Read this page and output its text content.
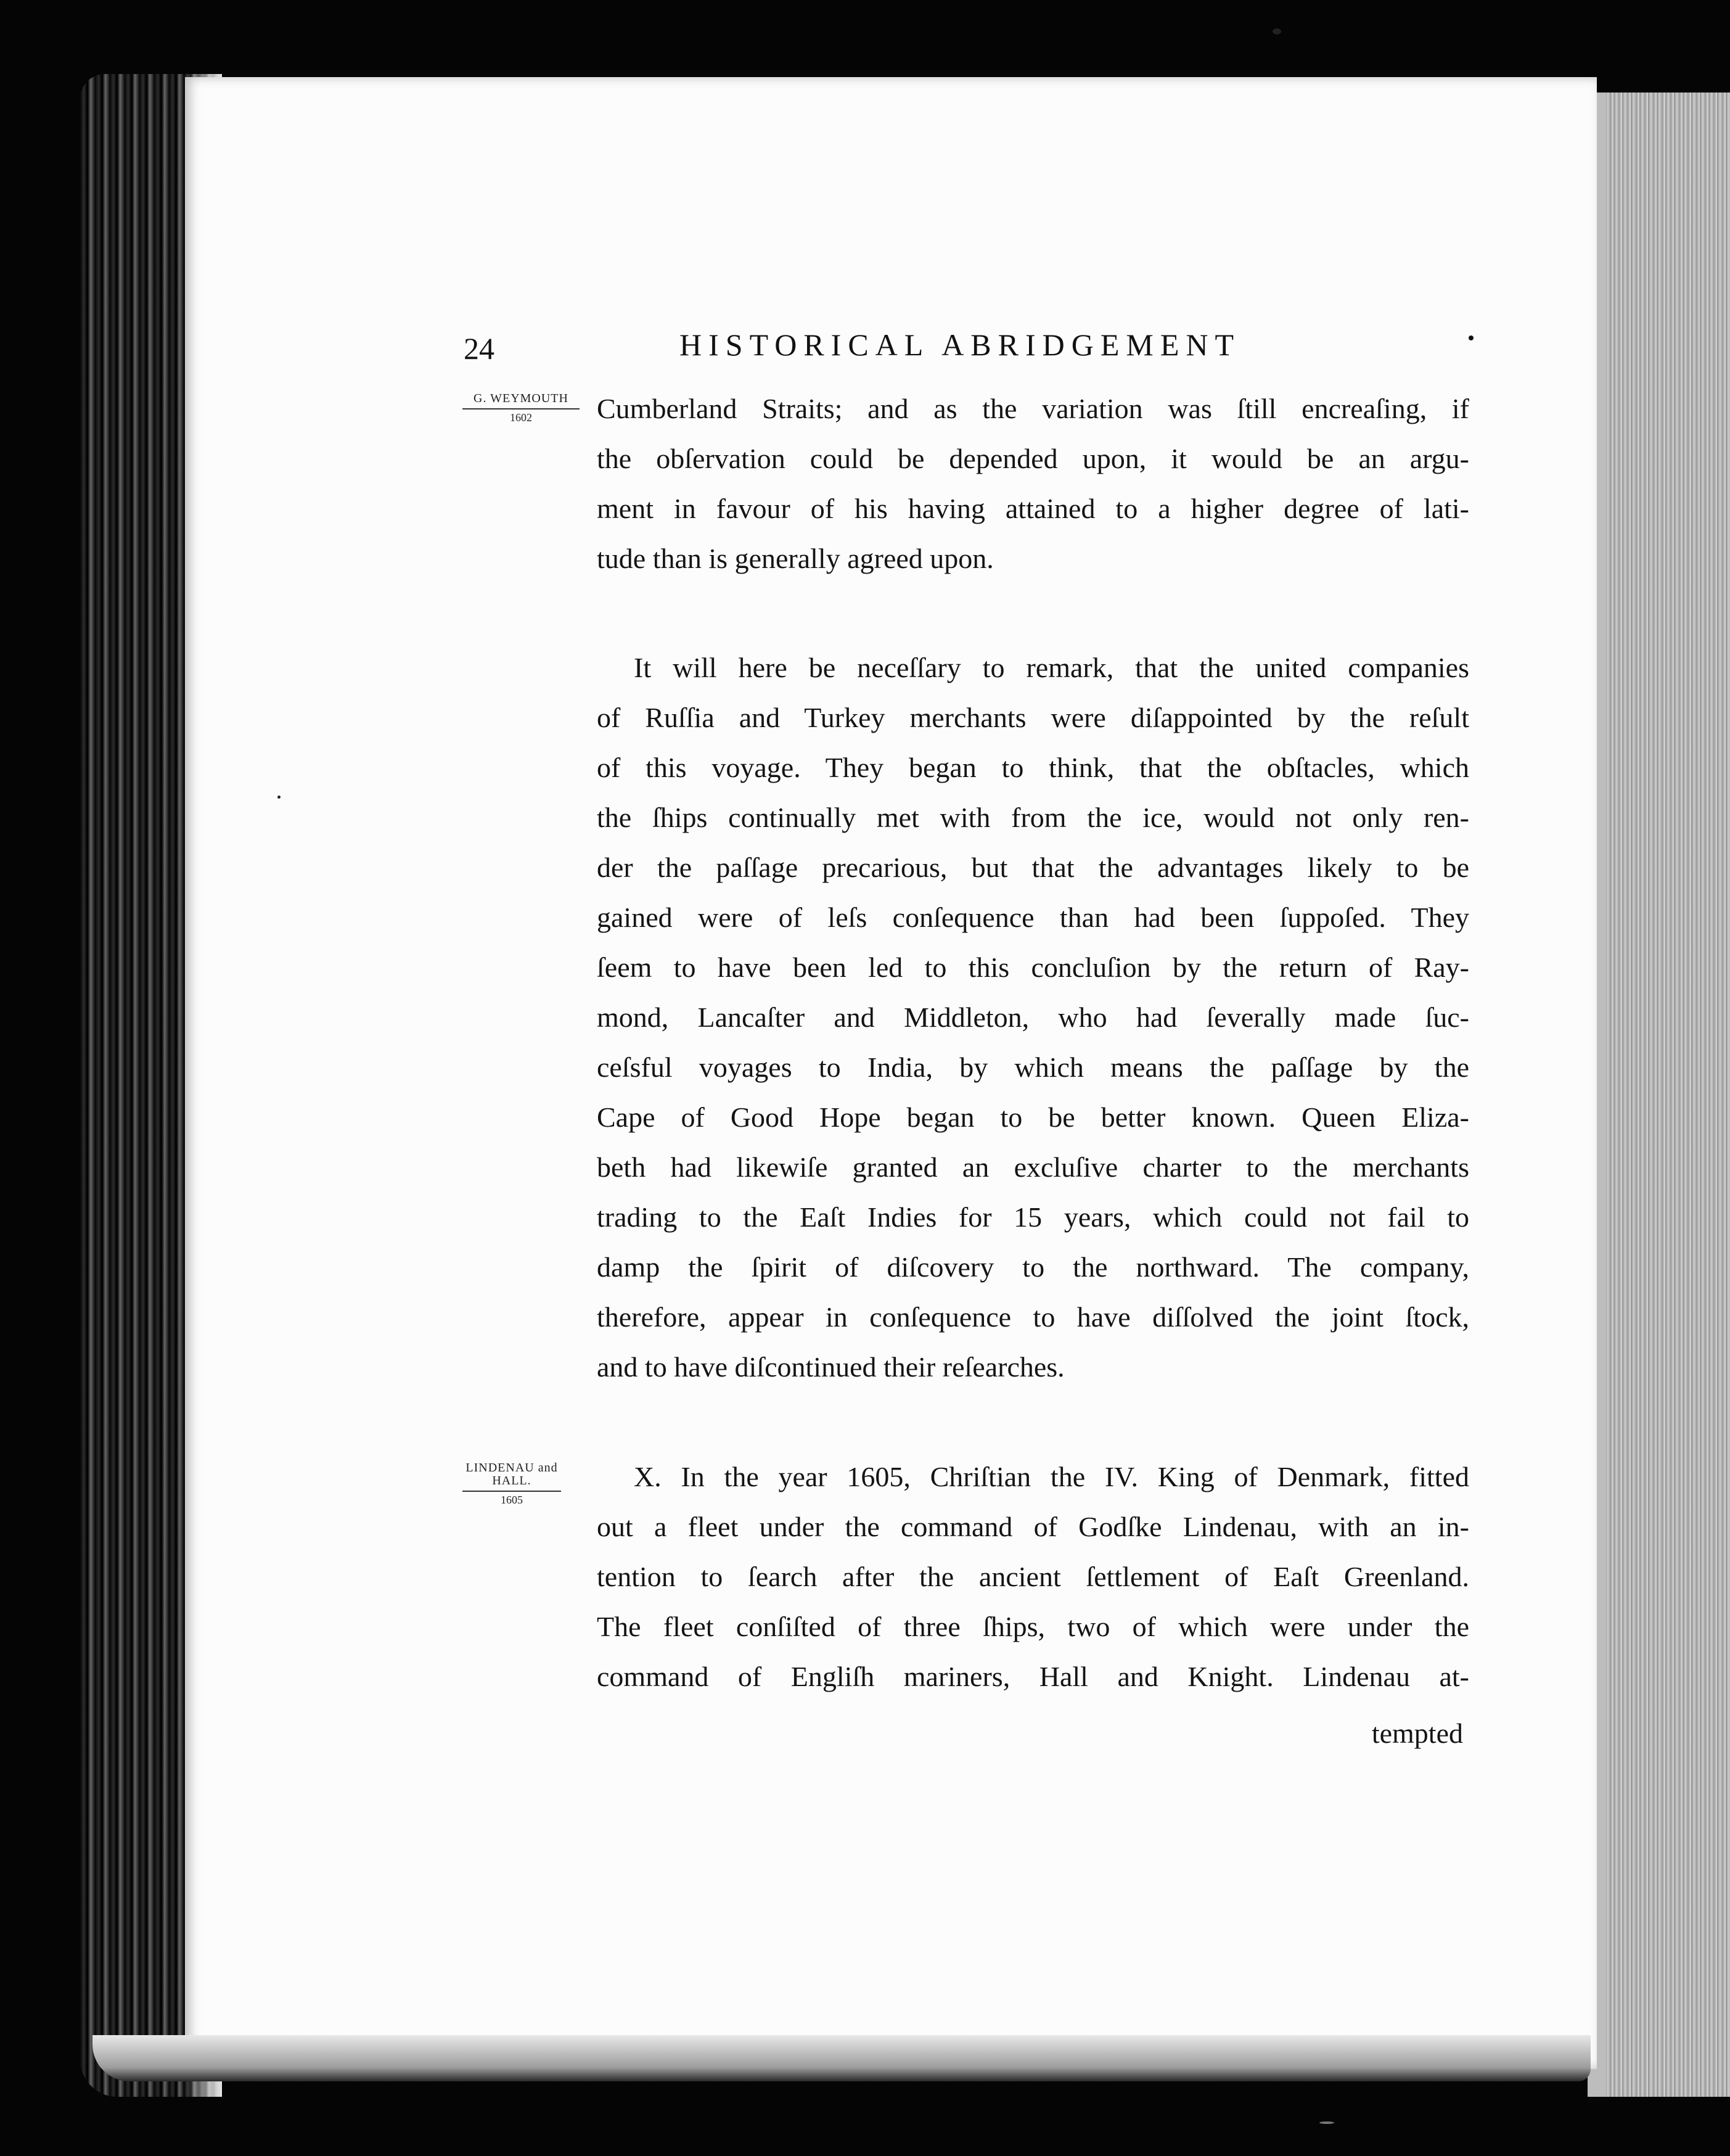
24	HISTORICAL ABRIDGEMENT
G. WEYMOUTH
1602
LINDENAU and
HALL.
1605
Cumberland Straits; and as the variation was ſtill encreaſing, if
the obſervation could be depended upon, it would be an argu-
ment in favour of his having attained to a higher degree of lati-
tude than is generally agreed upon.
It will here be neceſſary to remark, that the united companies
of Ruſſia and Turkey merchants were diſappointed by the reſult
of this voyage. They began to think, that the obſtacles, which
the ſhips continually met with from the ice, would not only ren-
der the paſſage precarious, but that the advantages likely to be
gained were of leſs conſequence than had been ſuppoſed. They
ſeem to have been led to this concluſion by the return of Ray-
mond, Lancaſter and Middleton, who had ſeverally made ſuc-
ceſsful voyages to India, by which means the paſſage by the
Cape of Good Hope began to be better known. Queen Eliza-
beth had likewiſe granted an excluſive charter to the merchants
trading to the Eaſt Indies for 15 years, which could not fail to
damp the ſpirit of diſcovery to the northward. The company,
therefore, appear in conſequence to have diſſolved the joint ſtock,
and to have diſcontinued their reſearches.
X. In the year 1605, Chriſtian the IV. King of Denmark, fitted
out a fleet under the command of Godſke Lindenau, with an in-
tention to ſearch after the ancient ſettlement of Eaſt Greenland.
The fleet conſiſted of three ſhips, two of which were under the
command of Engliſh mariners, Hall and Knight. Lindenau at-
tempted
